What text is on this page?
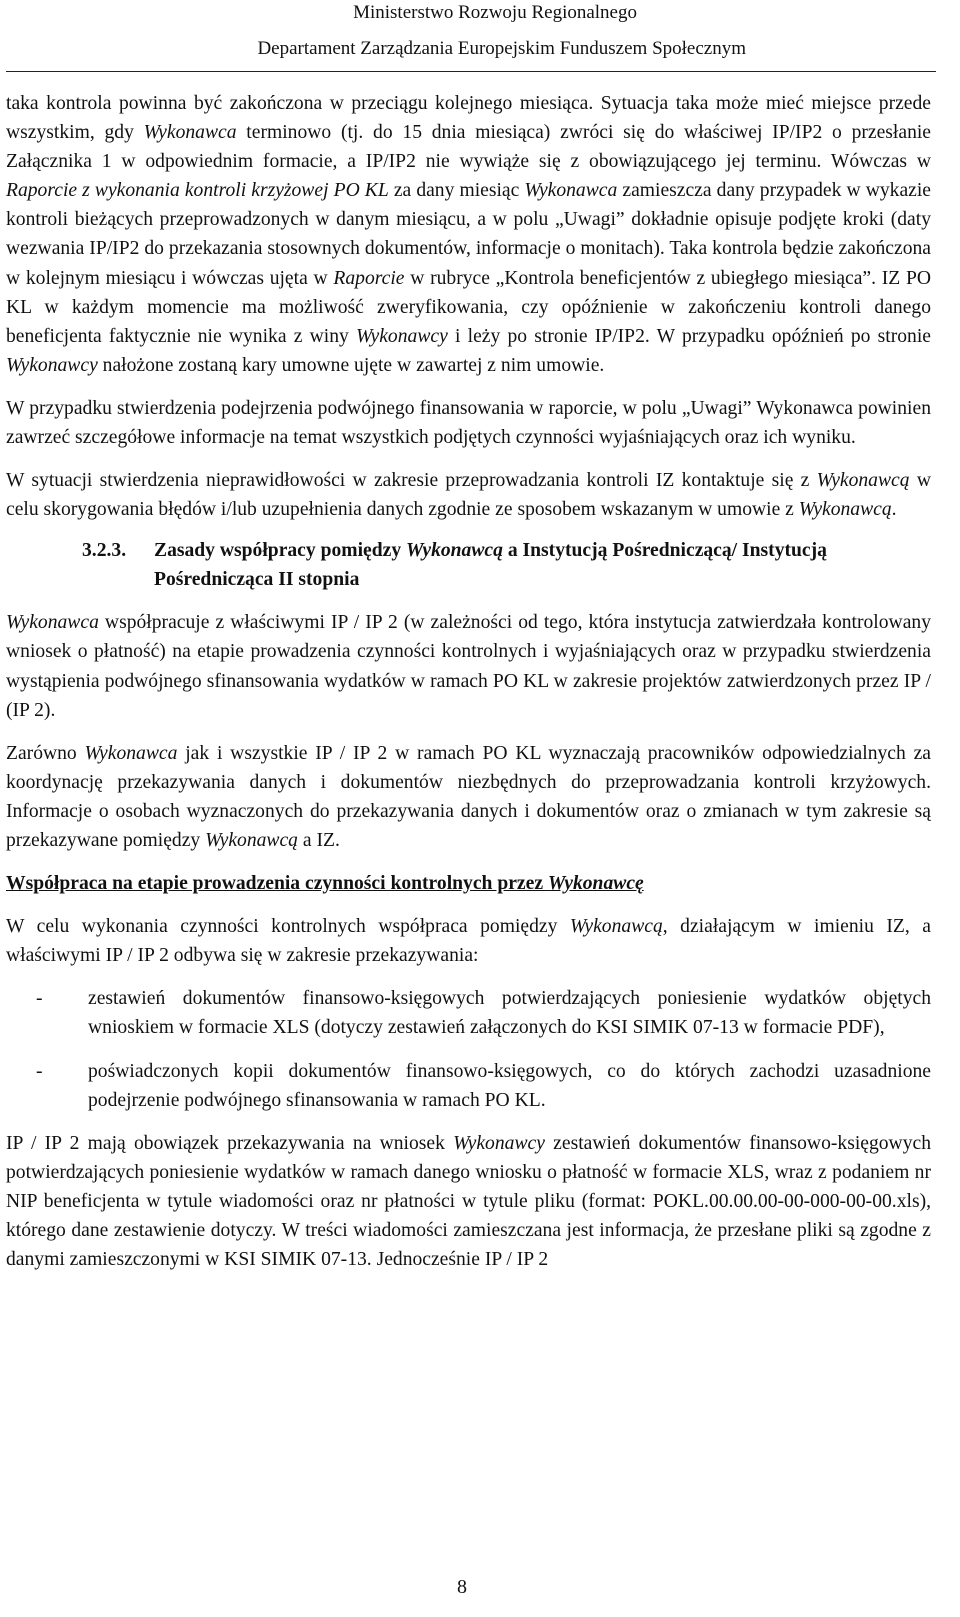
Ministerstwo Rozwoju Regionalnego
Departament Zarządzania Europejskim Funduszem Społecznym

taka kontrola powinna być zakończona w przeciągu kolejnego miesiąca. Sytuacja taka może mieć miejsce przede wszystkim, gdy Wykonawca terminowo (tj. do 15 dnia miesiąca) zwróci się do właściwej IP/IP2 o przesłanie Załącznika 1 w odpowiednim formacie, a IP/IP2 nie wywiąże się z obowiązującego jej terminu. Wówczas w Raporcie z wykonania kontroli krzyżowej PO KL za dany miesiąc Wykonawca zamieszcza dany przypadek w wykazie kontroli bieżących przeprowadzonych w danym miesiącu, a w polu „Uwagi” dokładnie opisuje podjęte kroki (daty wezwania IP/IP2 do przekazania stosownych dokumentów, informacje o monitach). Taka kontrola będzie zakończona w kolejnym miesiącu i wówczas ujęta w Raporcie w rubryce „Kontrola beneficjentów z ubiegłego miesiąca”. IZ PO KL w każdym momencie ma możliwość zweryfikowania, czy opóźnienie w zakończeniu kontroli danego beneficjenta faktycznie nie wynika z winy Wykonawcy i leży po stronie IP/IP2. W przypadku opóźnień po stronie Wykonawcy nałożone zostaną kary umowne ujęte w zawartej z nim umowie.

W przypadku stwierdzenia podejrzenia podwójnego finansowania w raporcie, w polu „Uwagi” Wykonawca powinien zawrzeć szczegółowe informacje na temat wszystkich podjętych czynności wyjaśniających oraz ich wyniku.

W sytuacji stwierdzenia nieprawidłowości w zakresie przeprowadzania kontroli IZ kontaktuje się z Wykonawcą w celu skorygowania błędów i/lub uzupełnienia danych zgodnie ze sposobem wskazanym w umowie z Wykonawcą.

3.2.3.	Zasady współpracy pomiędzy Wykonawcą a Instytucją Pośredniczącą/ Instytucją Pośrednicząca II stopnia

Wykonawca współpracuje z właściwymi IP / IP 2 (w zależności od tego, która instytucja zatwierdzała kontrolowany wniosek o płatność) na etapie prowadzenia czynności kontrolnych i wyjaśniających oraz w przypadku stwierdzenia wystąpienia podwójnego sfinansowania wydatków w ramach PO KL w zakresie projektów zatwierdzonych przez IP / (IP 2).

Zarówno Wykonawca jak i wszystkie IP / IP 2 w ramach PO KL wyznaczają pracowników odpowiedzialnych za koordynację przekazywania danych i dokumentów niezbędnych do przeprowadzania kontroli krzyżowych. Informacje o osobach wyznaczonych do przekazywania danych i dokumentów oraz o zmianach w tym zakresie są przekazywane pomiędzy Wykonawcą a IZ.

Współpraca na etapie prowadzenia czynności kontrolnych przez Wykonawcę

W celu wykonania czynności kontrolnych współpraca pomiędzy Wykonawcą, działającym w imieniu IZ, a właściwymi IP / IP 2 odbywa się w zakresie przekazywania:

-	zestawień dokumentów finansowo-księgowych potwierdzających poniesienie wydatków objętych wnioskiem w formacie XLS (dotyczy zestawień załączonych do KSI SIMIK 07-13 w formacie PDF),
-	poświadczonych kopii dokumentów finansowo-księgowych, co do których zachodzi uzasadnione podejrzenie podwójnego sfinansowania w ramach PO KL.

IP / IP 2 mają obowiązek przekazywania na wniosek Wykonawcy zestawień dokumentów finansowo-księgowych potwierdzających poniesienie wydatków w ramach danego wniosku o płatność w formacie XLS, wraz z podaniem nr NIP beneficjenta w tytule wiadomości oraz nr płatności w tytule pliku (format: POKL.00.00.00-00-000-00-00.xls), którego dane zestawienie dotyczy. W treści wiadomości zamieszczana jest informacja, że przesłane pliki są zgodne z danymi zamieszczonymi w KSI SIMIK 07-13. Jednocześnie IP / IP 2

8
